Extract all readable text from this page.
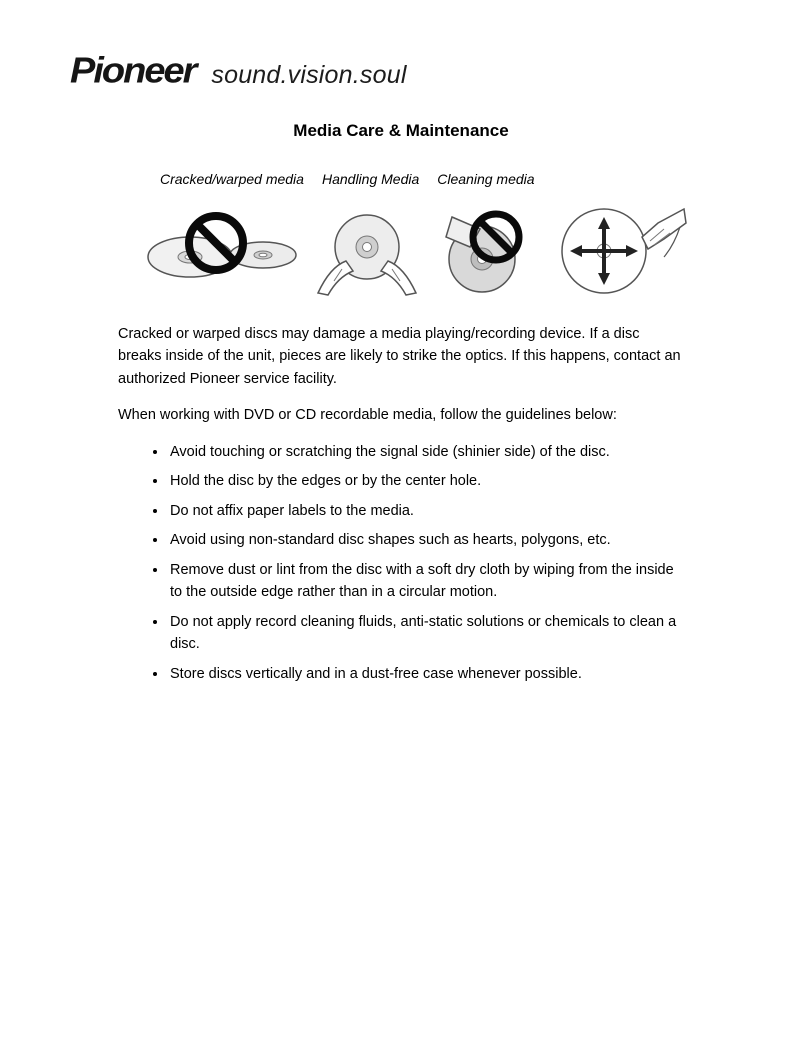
Pioneer sound.vision.soul
Media Care & Maintenance
Cracked/warped media Handling Media Cleaning media

Cracked or warped discs may damage a media playing/recording device. If a disc breaks inside of the unit, pieces are likely to strike the optics. If this happens, contact an authorized Pioneer service facility.

When working with DVD or CD recordable media, follow the guidelines below:

• Avoid touching or scratching the signal side (shinier side) of the disc.
• Hold the disc by the edges or by the center hole.
• Do not affix paper labels to the media.
• Avoid using non-standard disc shapes such as hearts, polygons, etc.
• Remove dust or lint from the disc with a soft dry cloth by wiping from the inside to the outside edge rather than in a circular motion.
• Do not apply record cleaning fluids, anti-static solutions or chemicals to clean a disc.
• Store discs vertically and in a dust-free case whenever possible.
